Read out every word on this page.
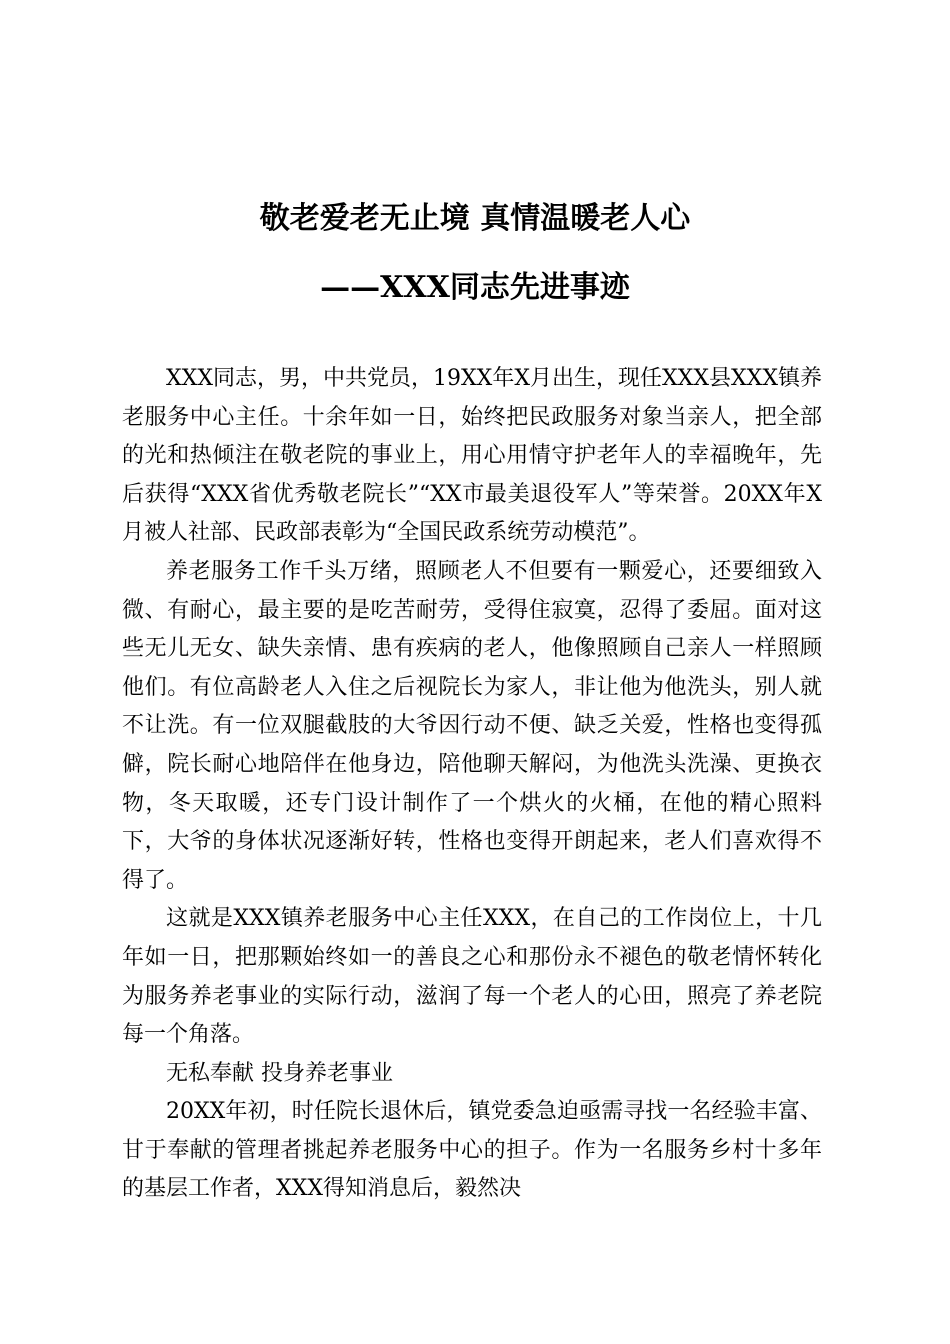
敬老爱老无止境 真情温暖老人心
——XXX同志先进事迹

XXX同志，男，中共党员，19XX年X月出生，现任XXX县XXX镇养老服务中心主任。十余年如一日，始终把民政服务对象当亲人，把全部的光和热倾注在敬老院的事业上，用心用情守护老年人的幸福晚年，先后获得“XXX省优秀敬老院长”“XX市最美退役军人”等荣誉。20XX年X月被人社部、民政部表彰为“全国民政系统劳动模范”。

养老服务工作千头万绪，照顾老人不但要有一颗爱心，还要细致入微、有耐心，最主要的是吃苦耐劳，受得住寂寞，忍得了委屈。面对这些无儿无女、缺失亲情、患有疾病的老人，他像照顾自己亲人一样照顾他们。有位高龄老人入住之后视院长为家人，非让他为他洗头，别人就不让洗。有一位双腿截肢的大爷因行动不便、缺乏关爱，性格也变得孤僻，院长耐心地陪伴在他身边，陪他聊天解闷，为他洗头洗澡、更换衣物，冬天取暖，还专门设计制作了一个烘火的火桶，在他的精心照料下，大爷的身体状况逐渐好转，性格也变得开朗起来，老人们喜欢得不得了。

这就是XXX镇养老服务中心主任XXX，在自己的工作岗位上，十几年如一日，把那颗始终如一的善良之心和那份永不褪色的敬老情怀转化为服务养老事业的实际行动，滋润了每一个老人的心田，照亮了养老院每一个角落。

无私奉献 投身养老事业

20XX年初，时任院长退休后，镇党委急迫亟需寻找一名经验丰富、甘于奉献的管理者挑起养老服务中心的担子。作为一名服务乡村十多年的基层工作者，XXX得知消息后，毅然决
